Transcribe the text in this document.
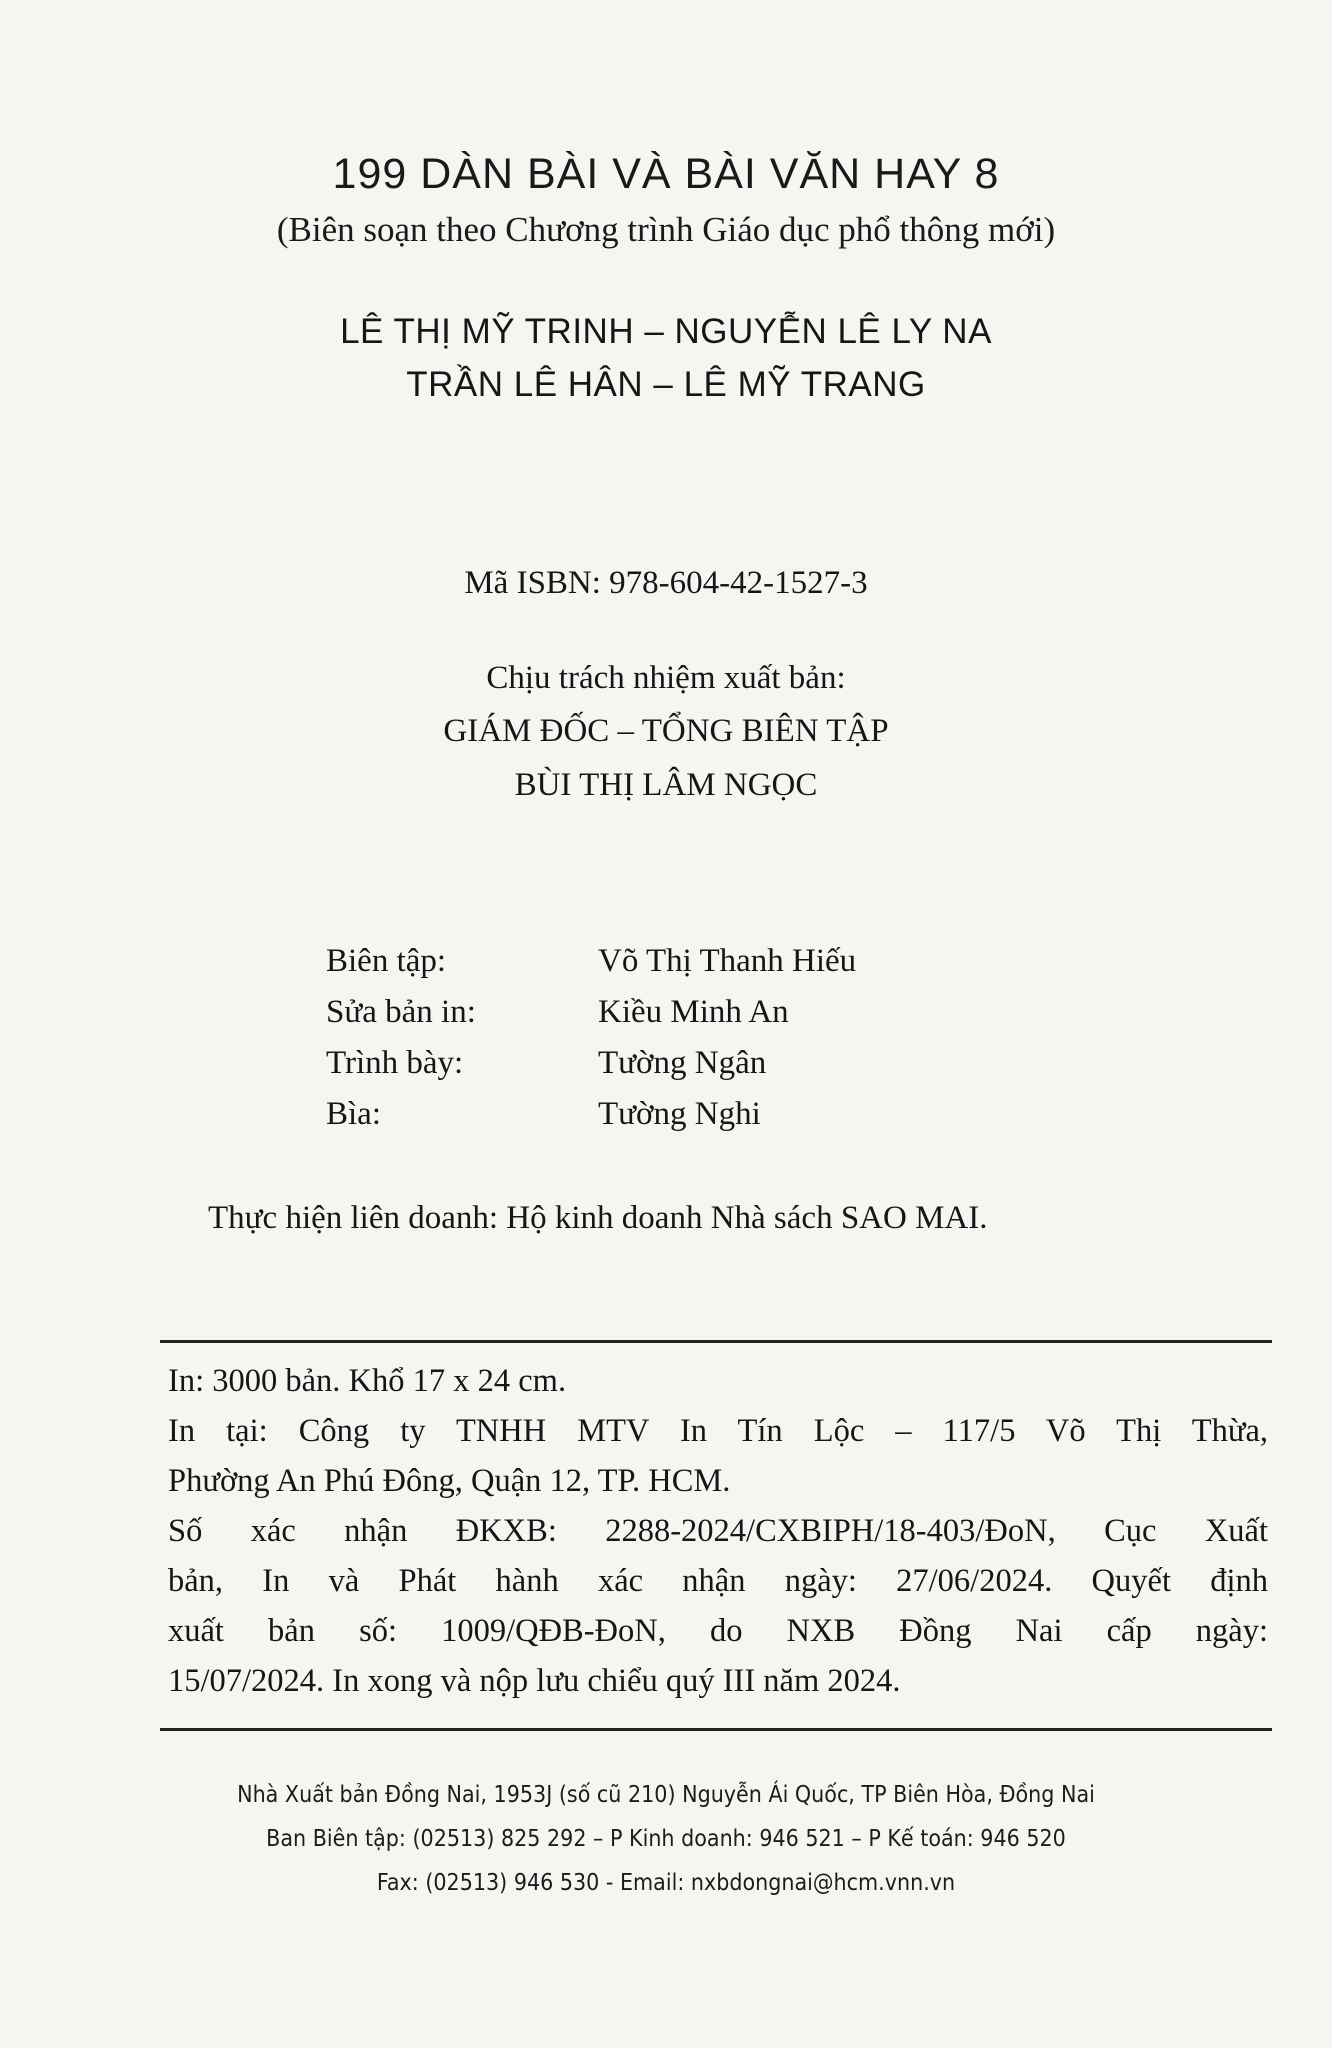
199 DÀN BÀI VÀ BÀI VĂN HAY 8
(Biên soạn theo Chương trình Giáo dục phổ thông mới)
LÊ THỊ MỸ TRINH – NGUYỄN LÊ LY NA
TRẦN LÊ HÂN – LÊ MỸ TRANG
Mã ISBN: 978-604-42-1527-3
Chịu trách nhiệm xuất bản:
GIÁM ĐỐC – TỔNG BIÊN TẬP
BÙI THỊ LÂM NGỌC
Biên tập:	Võ Thị Thanh Hiếu
Sửa bản in:	Kiều Minh An
Trình bày:	Tường Ngân
Bìa:	Tường Nghi
Thực hiện liên doanh: Hộ kinh doanh Nhà sách SAO MAI.
In: 3000 bản. Khổ 17 x 24 cm.
In tại: Công ty TNHH MTV In Tín Lộc – 117/5 Võ Thị Thừa,
Phường An Phú Đông, Quận 12, TP. HCM.
Số xác nhận ĐKXB: 2288-2024/CXBIPH/18-403/ĐoN, Cục Xuất
bản, In và Phát hành xác nhận ngày: 27/06/2024. Quyết định
xuất bản số: 1009/QĐB-ĐoN, do NXB Đồng Nai cấp ngày:
15/07/2024. In xong và nộp lưu chiểu quý III năm 2024.
Nhà Xuất bản Đồng Nai, 1953J (số cũ 210) Nguyễn Ái Quốc, TP Biên Hòa, Đồng Nai
Ban Biên tập: (02513) 825 292 – P Kinh doanh: 946 521 – P Kế toán: 946 520
Fax: (02513) 946 530 - Email: nxbdongnai@hcm.vnn.vn
